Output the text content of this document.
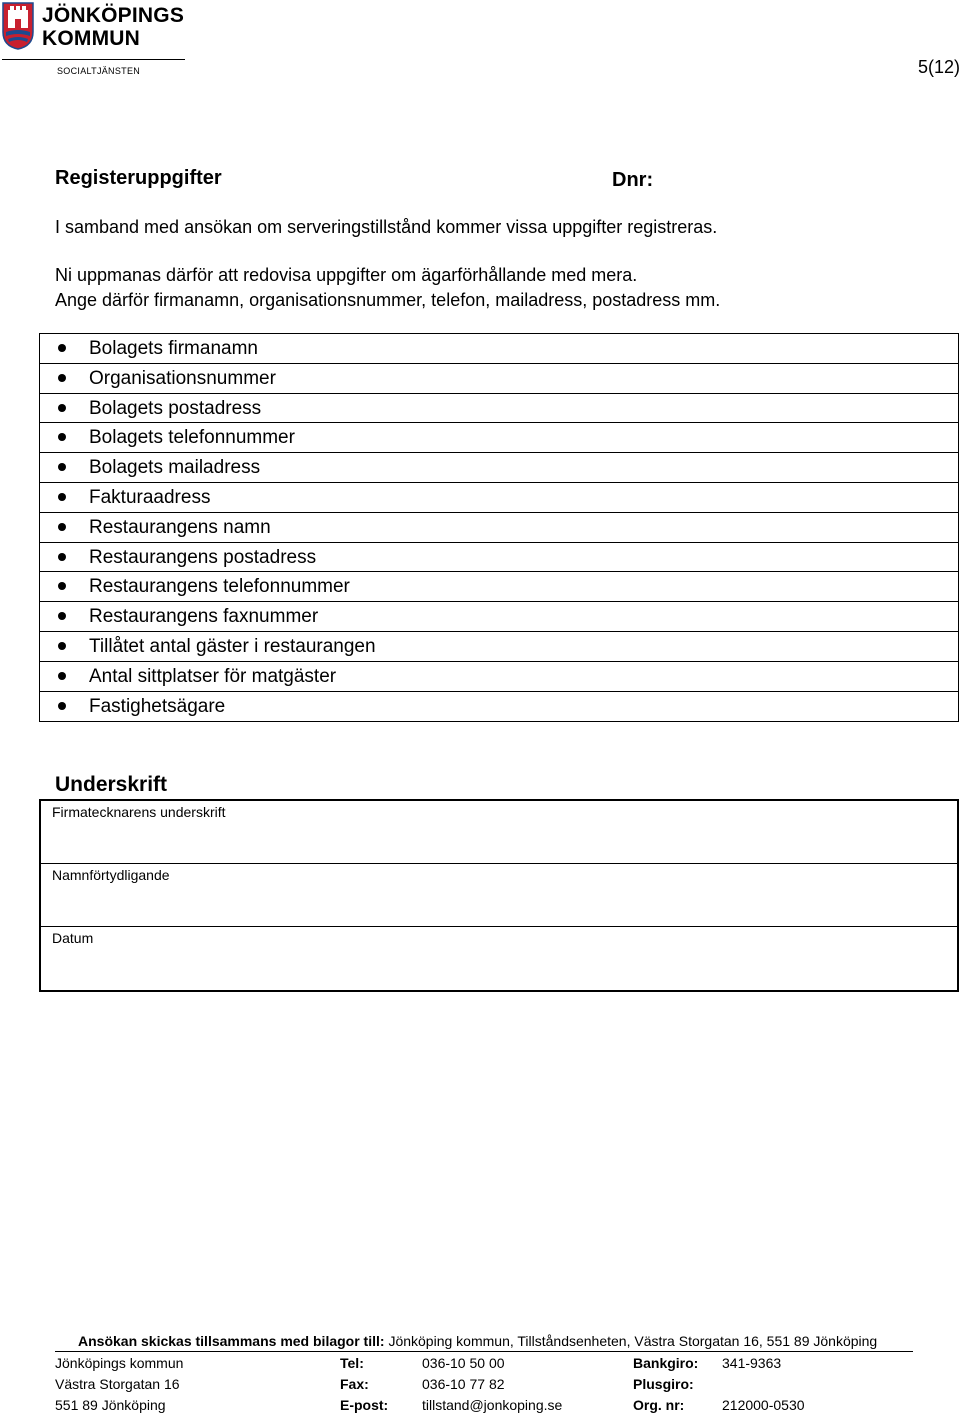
JÖNKÖPINGS
KOMMUN
SOCIALTJÄNSTEN	5(12)
Registeruppgifter	Dnr:
I samband med ansökan om serveringstillstånd kommer vissa uppgifter registreras.
Ni uppmanas därför att redovisa uppgifter om ägarförhållande med mera.
Ange därför firmanamn, organisationsnummer, telefon, mailadress, postadress mm.
Bolagets firmanamn
Organisationsnummer
Bolagets postadress
Bolagets telefonnummer
Bolagets mailadress
Fakturaadress
Restaurangens namn
Restaurangens postadress
Restaurangens telefonnummer
Restaurangens faxnummer
Tillåtet antal gäster i restaurangen
Antal sittplatser för matgäster
Fastighetsägare
Underskrift
Firmatecknarens underskrift
Namnförtydligande
Datum
Ansökan skickas tillsammans med bilagor till: Jönköping kommun, Tillståndsenheten, Västra Storgatan 16, 551 89 Jönköping
Jönköpings kommun
Västra Storgatan 16
551 89 Jönköping
Tel:
Fax:
E-post:
036-10 50 00
036-10 77 82
tillstand@jonkoping.se
Bankgiro:
Plusgiro:
Org. nr:
341-9363
212000-0530
